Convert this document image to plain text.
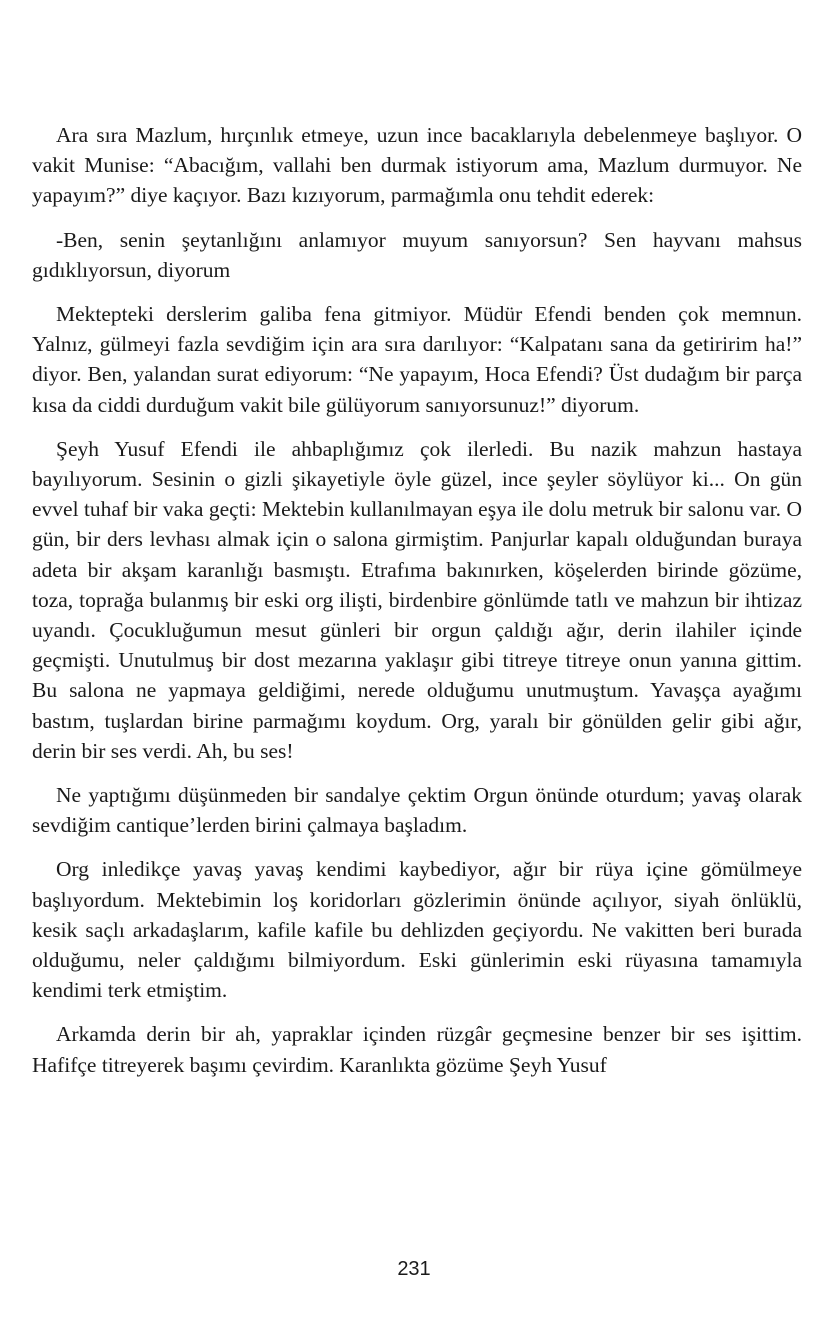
Ara sıra Mazlum, hırçınlık etmeye, uzun ince bacaklarıyla debelenmeye başlıyor. O vakit Munise: “Abacığım, vallahi ben durmak istiyorum ama, Mazlum durmuyor. Ne yapayım?” diye kaçıyor. Bazı kızıyorum, parmağımla onu tehdit ederek:

-Ben, senin şeytanlığını anlamıyor muyum sanıyorsun? Sen hayvanı mahsus gıdıklıyorsun, diyorum

Mektepteki derslerim galiba fena gitmiyor. Müdür Efendi benden çok memnun. Yalnız, gülmeyi fazla sevdiğim için ara sıra darılıyor: “Kalpatanı sana da getiririm ha!” diyor. Ben, yalandan surat ediyorum: “Ne yapayım, Hoca Efendi? Üst dudağım bir parça kısa da ciddi durduğum vakit bile gülüyorum sanıyorsunuz!” diyorum.

Şeyh Yusuf Efendi ile ahbaplığımız çok ilerledi. Bu nazik mahzun hastaya bayılıyorum. Sesinin o gizli şikayetiyle öyle güzel, ince şeyler söylüyor ki... On gün evvel tuhaf bir vaka geçti: Mektebin kullanılmayan eşya ile dolu metruk bir salonu var. O gün, bir ders levhası almak için o salona girmiştim. Panjurlar kapalı olduğundan buraya adeta bir akşam karanlığı basmıştı. Etrafıma bakınırken, köşelerden birinde gözüme, toza, toprağa bulanmış bir eski org ilişti, birdenbire gönlümde tatlı ve mahzun bir ihtizaz uyandı. Çocukluğumun mesut günleri bir orgun çaldığı ağır, derin ilahiler içinde geçmişti. Unutulmuş bir dost mezarına yaklaşır gibi titreye titreye onun yanına gittim. Bu salona ne yapmaya geldiğimi, nerede olduğumu unutmuştum. Yavaşça ayağımı bastım, tuşlardan birine parmağımı koydum. Org, yaralı bir gönülden gelir gibi ağır, derin bir ses verdi. Ah, bu ses!

Ne yaptığımı düşünmeden bir sandalye çektim Orgun önünde oturdum; yavaş olarak sevdiğim cantique’lerden birini çalmaya başladım.

Org inledikçe yavaş yavaş kendimi kaybediyor, ağır bir rüya içine gömülmeye başlıyordum. Mektebimin loş koridorları gözlerimin önünde açılıyor, siyah önlüklü, kesik saçlı arkadaşlarım, kafile kafile bu dehlizden geçiyordu. Ne vakitten beri burada olduğumu, neler çaldığımı bilmiyordum. Eski günlerimin eski rüyasına tamamıyla kendimi terk etmiştim.

Arkamda derin bir ah, yapraklar içinden rüzgâr geçmesine benzer bir ses işittim. Hafifçe titreyerek başımı çevirdim. Karanlıkta gözüme Şeyh Yusuf

231
